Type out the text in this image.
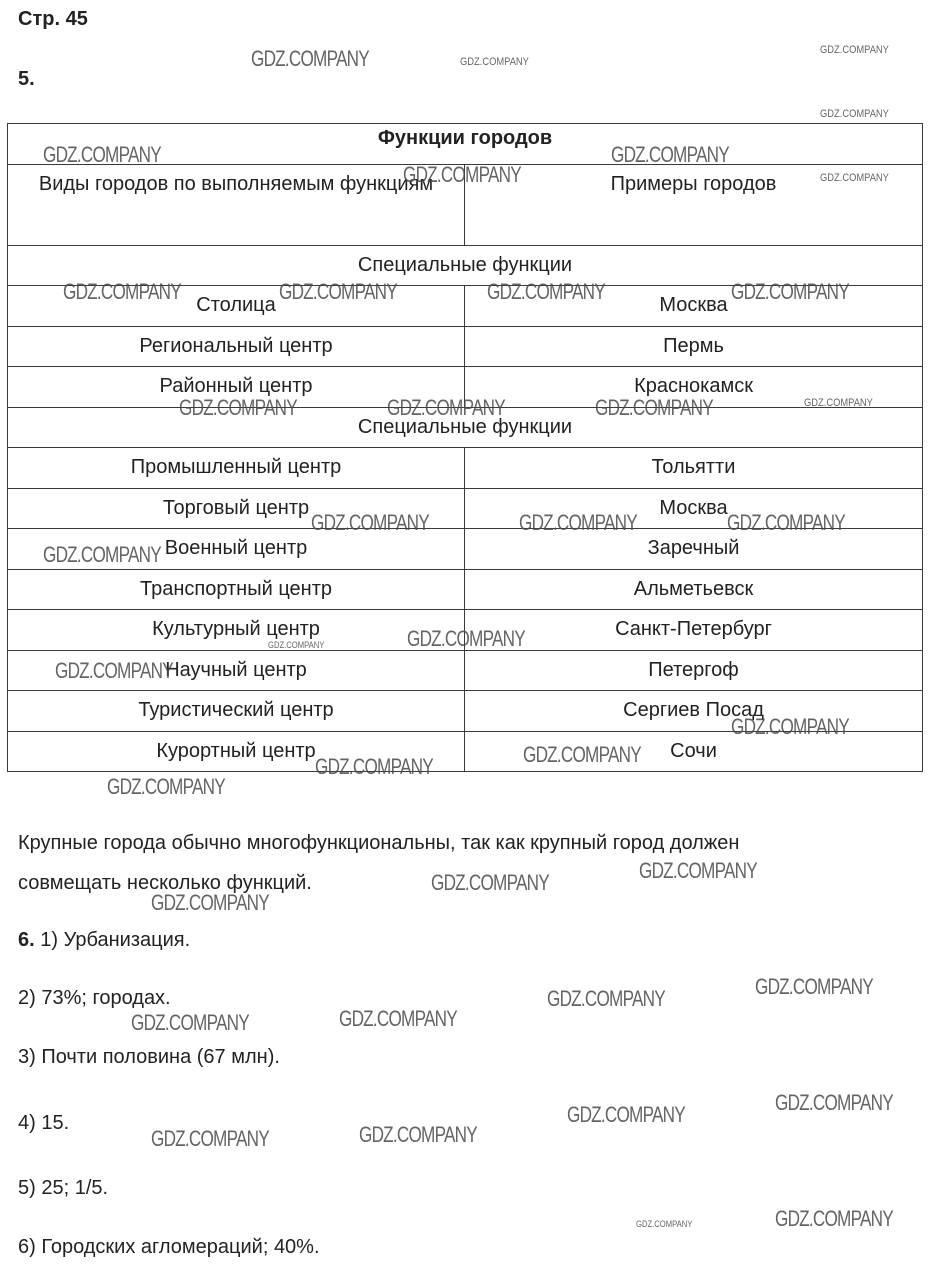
Стр. 45
5.
Функции городов	
Виды городов по выполняемым функциям	Примеры городов
Специальные функции	
Столица	Москва
Региональный центр	Пермь
Районный центр	Краснокамск
Специальные функции	
Промышленный центр	Тольятти
Торговый центр	Москва
Военный центр	Заречный
Транспортный центр	Альметьевск
Культурный центр	Санкт-Петербург
Научный центр	Петергоф
Туристический центр	Сергиев Посад
Курортный центр	Сочи
Крупные города обычно многофункциональны, так как крупный город должен
совмещать несколько функций.
6. 1) Урбанизация.
2) 73%; городах.
3) Почти половина (67 млн).
4) 15.
5) 25; 1/5.
6) Городских агломераций; 40%.
GDZ.COMPANY	GDZ.COMPANY
GDZ.COMPANY
GDZ.COMPANY
GDZ.COMPANY	GDZ.COMPANY
GDZ.COMPANY	GDZ.COMPANY
GDZ.COMPANY	GDZ.COMPANY	GDZ.COMPANY	GDZ.COMPANY
GDZ.COMPANY	GDZ.COMPANY	GDZ.COMPANY	GDZ.COMPANY
GDZ.COMPANY	GDZ.COMPANY	GDZ.COMPANY
GDZ.COMPANY
GDZ.COMPANY
GDZ.COMPANY
GDZ.COMPANY
GDZ.COMPANY
GDZ.COMPANY
GDZ.COMPANY
GDZ.COMPANY
GDZ.COMPANY
GDZ.COMPANY
GDZ.COMPANY
GDZ.COMPANY
GDZ.COMPANY
GDZ.COMPANY
GDZ.COMPANY
GDZ.COMPANY
GDZ.COMPANY
GDZ.COMPANY
GDZ.COMPANY
GDZ.COMPANY
GDZ.COMPANY
